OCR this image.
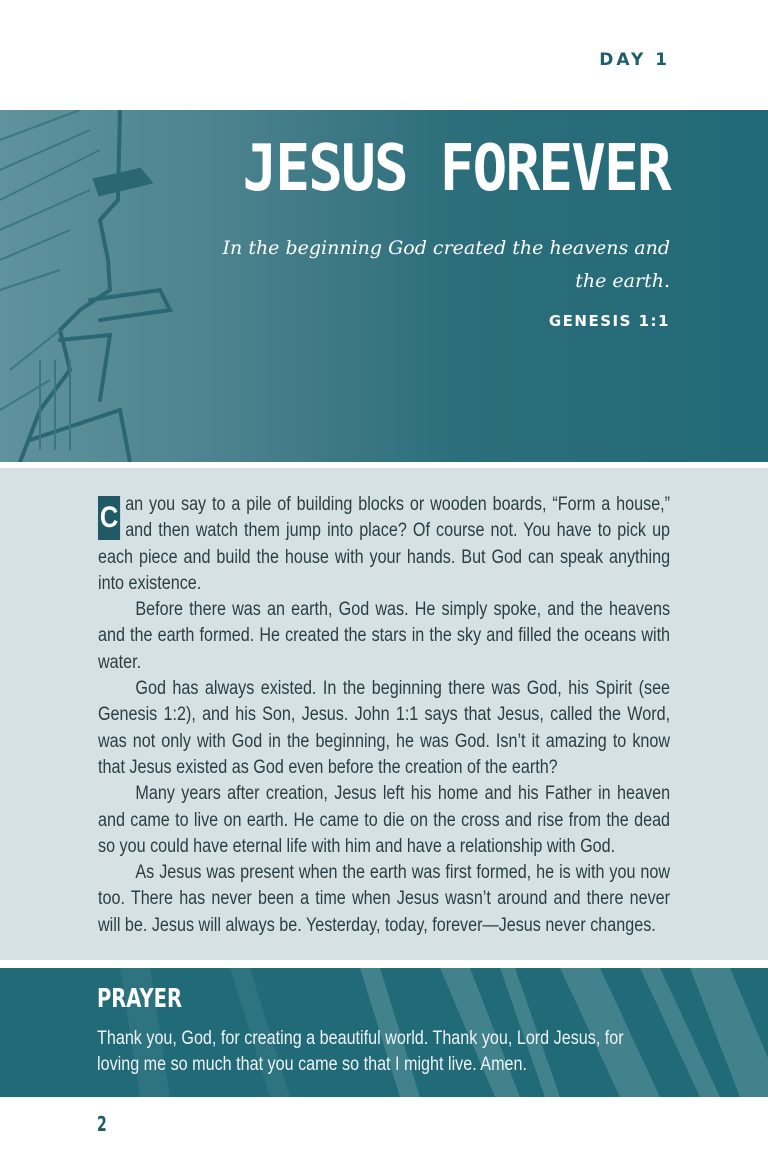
DAY 1
JESUS FOREVER
In the beginning God created the heavens and the earth.
GENESIS 1:1

C an you say to a pile of building blocks or wooden boards, “Form a house,” and then watch them jump into place? Of course not. You have to pick up each piece and build the house with your hands. But God can speak anything into existence.

Before there was an earth, God was. He simply spoke, and the heavens and the earth formed. He created the stars in the sky and filled the oceans with water.

God has always existed. In the beginning there was God, his Spirit (see Genesis 1:2), and his Son, Jesus. John 1:1 says that Jesus, called the Word, was not only with God in the beginning, he was God. Isn’t it amazing to know that Jesus existed as God even before the creation of the earth?

Many years after creation, Jesus left his home and his Father in heaven and came to live on earth. He came to die on the cross and rise from the dead so you could have eternal life with him and have a relationship with God.

As Jesus was present when the earth was first formed, he is with you now too. There has never been a time when Jesus wasn’t around and there never will be. Jesus will always be. Yesterday, today, forever—Jesus never changes.

PRAYER
Thank you, God, for creating a beautiful world. Thank you, Lord Jesus, for loving me so much that you came so that I might live. Amen.
2
